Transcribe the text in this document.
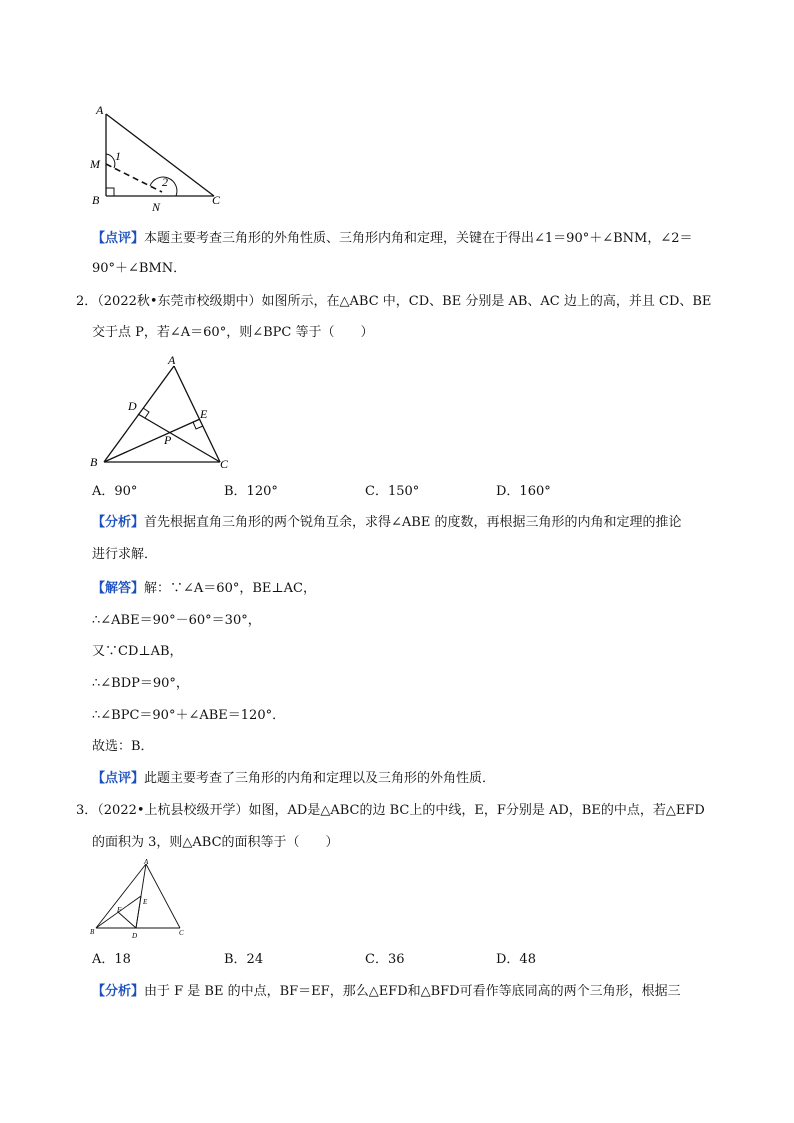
A
M
1
B
2
N	C
【点评】本题主要考查三角形的外角性质、三角形内角和定理，关键在于得出∠1＝90°＋∠BNM，∠2＝
90°＋∠BMN．
2．（2022秋•东莞市校级期中）如图所示，在△ABC 中，CD、BE 分别是 AB、AC 边上的高，并且 CD、BE
交于点 P，若∠A＝60°，则∠BPC 等于（　　）
A
D
E
P
B	C
A．90°	B．120°	C．150°	D．160°
【分析】首先根据直角三角形的两个锐角互余，求得∠ABE 的度数，再根据三角形的内角和定理的推论
进行求解．
【解答】解：∵∠A＝60°，BE⊥AC，
∴∠ABE＝90°－60°＝30°，
又∵CD⊥AB，
∴∠BDP＝90°，
∴∠BPC＝90°＋∠ABE＝120°．
故选：B．
【点评】此题主要考查了三角形的内角和定理以及三角形的外角性质．
3．（2022•上杭县校级开学）如图，AD是△ABC的边 BC上的中线，E，F分别是 AD，BE的中点，若△EFD
的面积为 3，则△ABC的面积等于（　　）
A
E
F
B	D	C
A．18	B．24	C．36	D．48
【分析】由于 F 是 BE 的中点，BF＝EF，那么△EFD和△BFD可看作等底同高的两个三角形，根据三
